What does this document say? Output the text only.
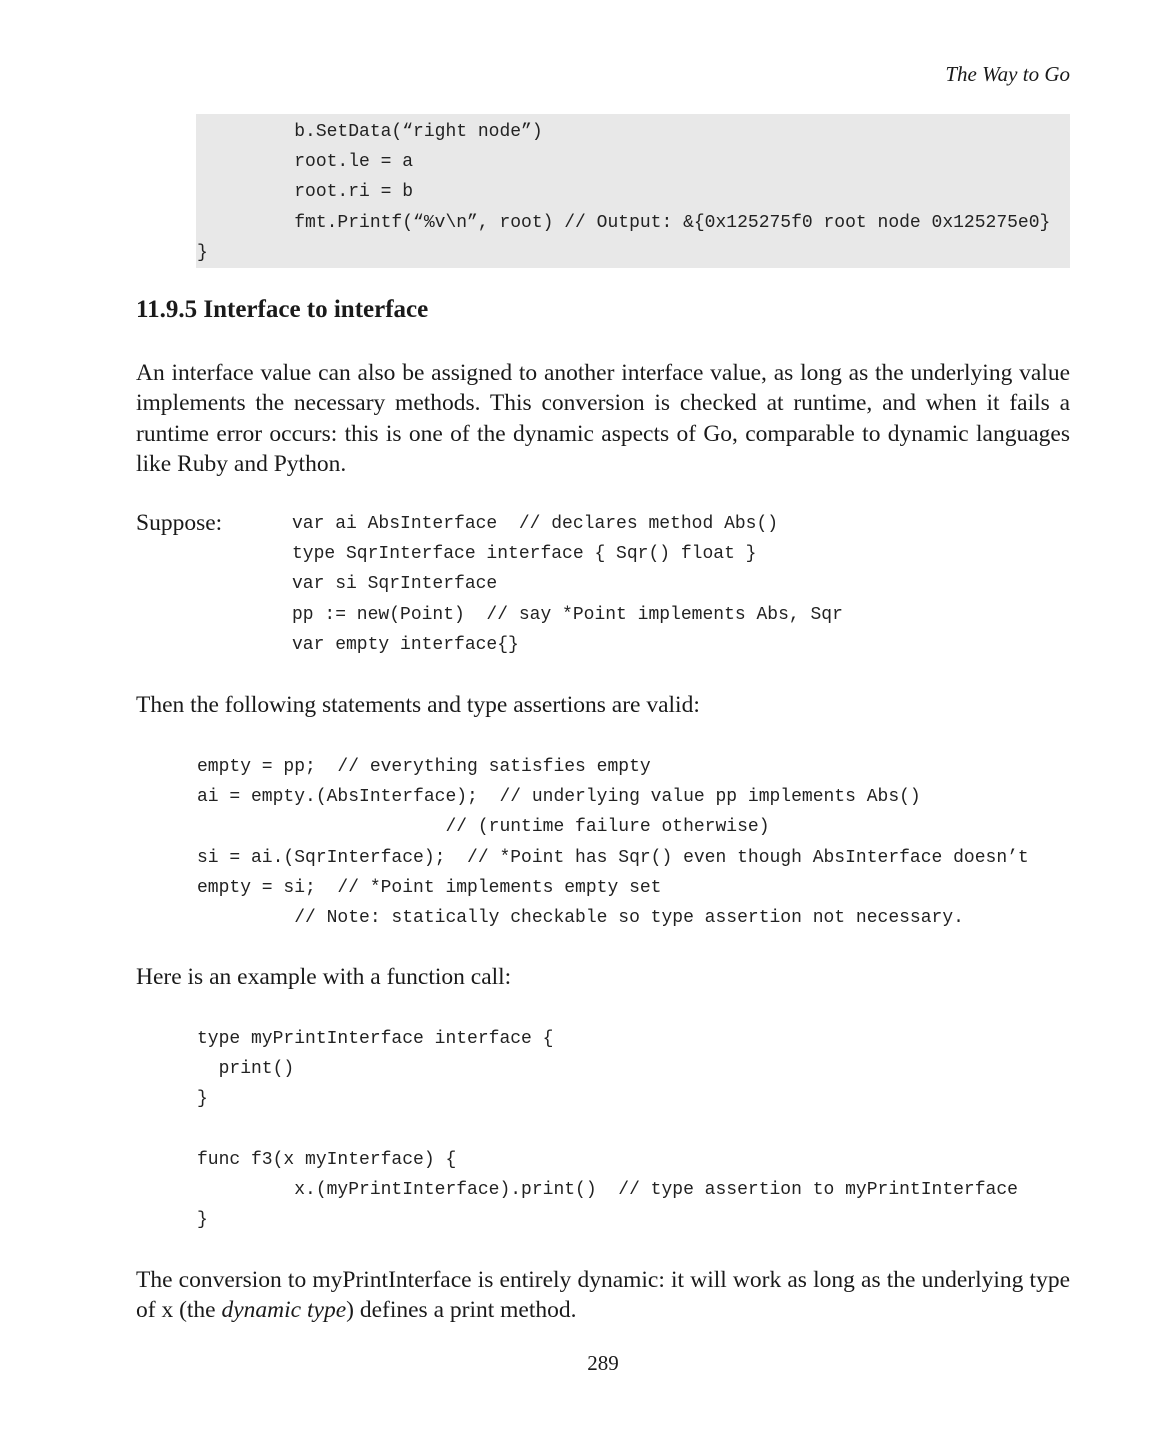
The Way to Go
b.SetData(“right node”)
root.le = a
root.ri = b
fmt.Printf(“%v\n”, root) // Output: &{0x125275f0 root node 0x125275e0}
}
11.9.5 Interface to interface
An interface value can also be assigned to another interface value, as long as the underlying value
implements the necessary methods. This conversion is checked at runtime, and when it fails a
runtime error occurs: this is one of the dynamic aspects of Go, comparable to dynamic languages
like Ruby and Python.
Suppose:	var ai AbsInterface  // declares method Abs()
type SqrInterface interface { Sqr() float }
var si SqrInterface
pp := new(Point)  // say *Point implements Abs, Sqr
var empty interface{}
Then the following statements and type assertions are valid:
empty = pp;  // everything satisfies empty
ai = empty.(AbsInterface);  // underlying value pp implements Abs()
// (runtime failure otherwise)
si = ai.(SqrInterface);  // *Point has Sqr() even though AbsInterface doesn’t
empty = si;  // *Point implements empty set
// Note: statically checkable so type assertion not necessary.
Here is an example with a function call:
type myPrintInterface interface {
print()
}

func f3(x myInterface) {
x.(myPrintInterface).print()  // type assertion to myPrintInterface
}
The conversion to myPrintInterface is entirely dynamic: it will work as long as the underlying type
of x (the dynamic type) defines a print method.
289
